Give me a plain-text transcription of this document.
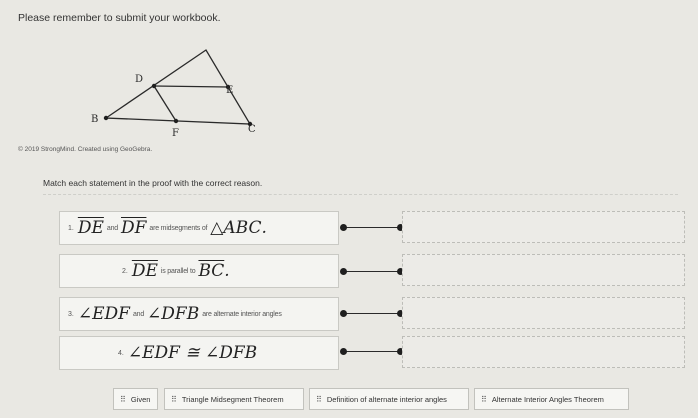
Please remember to submit your workbook.
D
E
B
C
F
© 2019 StrongMind. Created using GeoGebra.
Match each statement in the proof with the correct reason.
1. $\overline{DE}$ and $\overline{DF}$ are midsegments of △ ABC .
2. $\overline{DE}$ is parallel to $\overline{BC}$ .
3. ∠EDF and ∠DFB are alternate interior angles
4. ∠EDF ≅ ∠DFB
⠿ Given	⠿ Triangle Midsegment Theorem	⠿ Definition of alternate interior angles	⠿ Alternate Interior Angles Theorem
